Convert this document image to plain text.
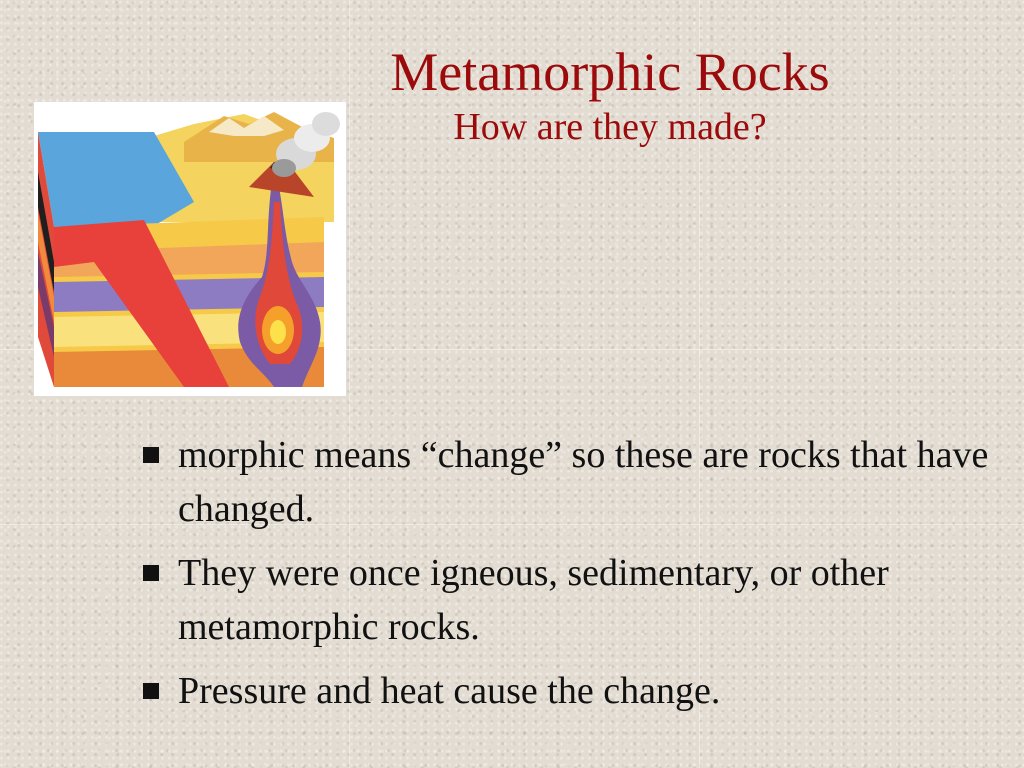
Metamorphic Rocks
How are they made?
morphic means “change” so these are rocks that have changed.
They were once igneous, sedimentary, or other metamorphic rocks.
Pressure and heat cause the change.
